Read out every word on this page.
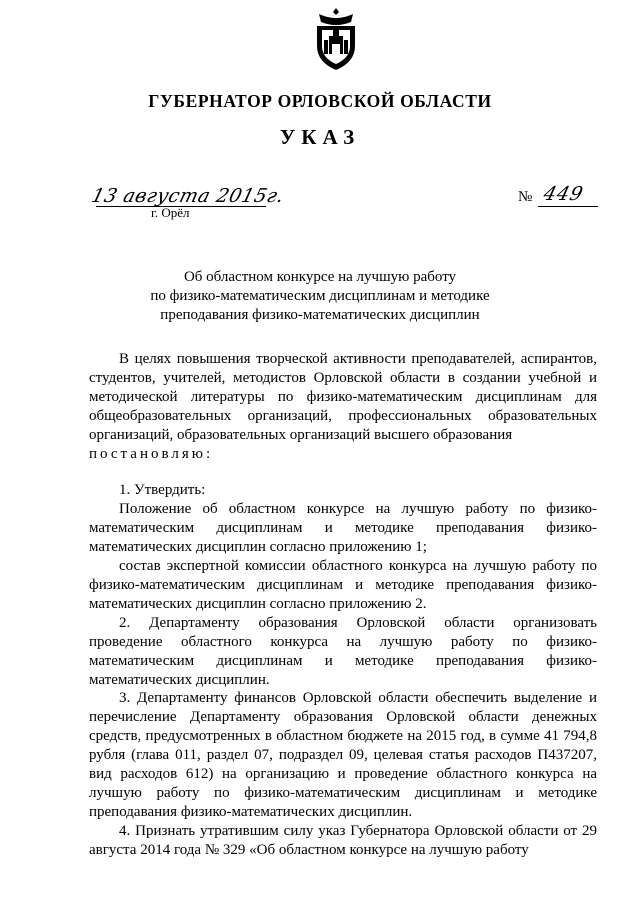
ГУБЕРНАТОР ОРЛОВСКОЙ ОБЛАСТИ
УКАЗ
13 августа 2015г.
г. Орёл
№ 449
Об областном конкурсе на лучшую работу
по физико-математическим дисциплинам и методике
преподавания физико-математических дисциплин

В целях повышения творческой активности преподавателей, аспирантов, студентов, учителей, методистов Орловской области в создании учебной и методической литературы по физико-математическим дисциплинам для общеобразовательных организаций, профессиональных образовательных организаций, образовательных организаций высшего образования

постановляю:

1. Утвердить:

Положение об областном конкурсе на лучшую работу по физико-математическим дисциплинам и методике преподавания физико-математических дисциплин согласно приложению 1;

состав экспертной комиссии областного конкурса на лучшую работу по физико-математическим дисциплинам и методике преподавания физико-математических дисциплин согласно приложению 2.

2. Департаменту образования Орловской области организовать проведение областного конкурса на лучшую работу по физико-математическим дисциплинам и методике преподавания физико-математических дисциплин.

3. Департаменту финансов Орловской области обеспечить выделение и перечисление Департаменту образования Орловской области денежных средств, предусмотренных в областном бюджете на 2015 год, в сумме 41 794,8 рубля (глава 011, раздел 07, подраздел 09, целевая статья расходов П437207, вид расходов 612) на организацию и проведение областного конкурса на лучшую работу по физико-математическим дисциплинам и методике преподавания физико-математических дисциплин.

4. Признать утратившим силу указ Губернатора Орловской области от 29 августа 2014 года № 329 «Об областном конкурсе на лучшую работу
